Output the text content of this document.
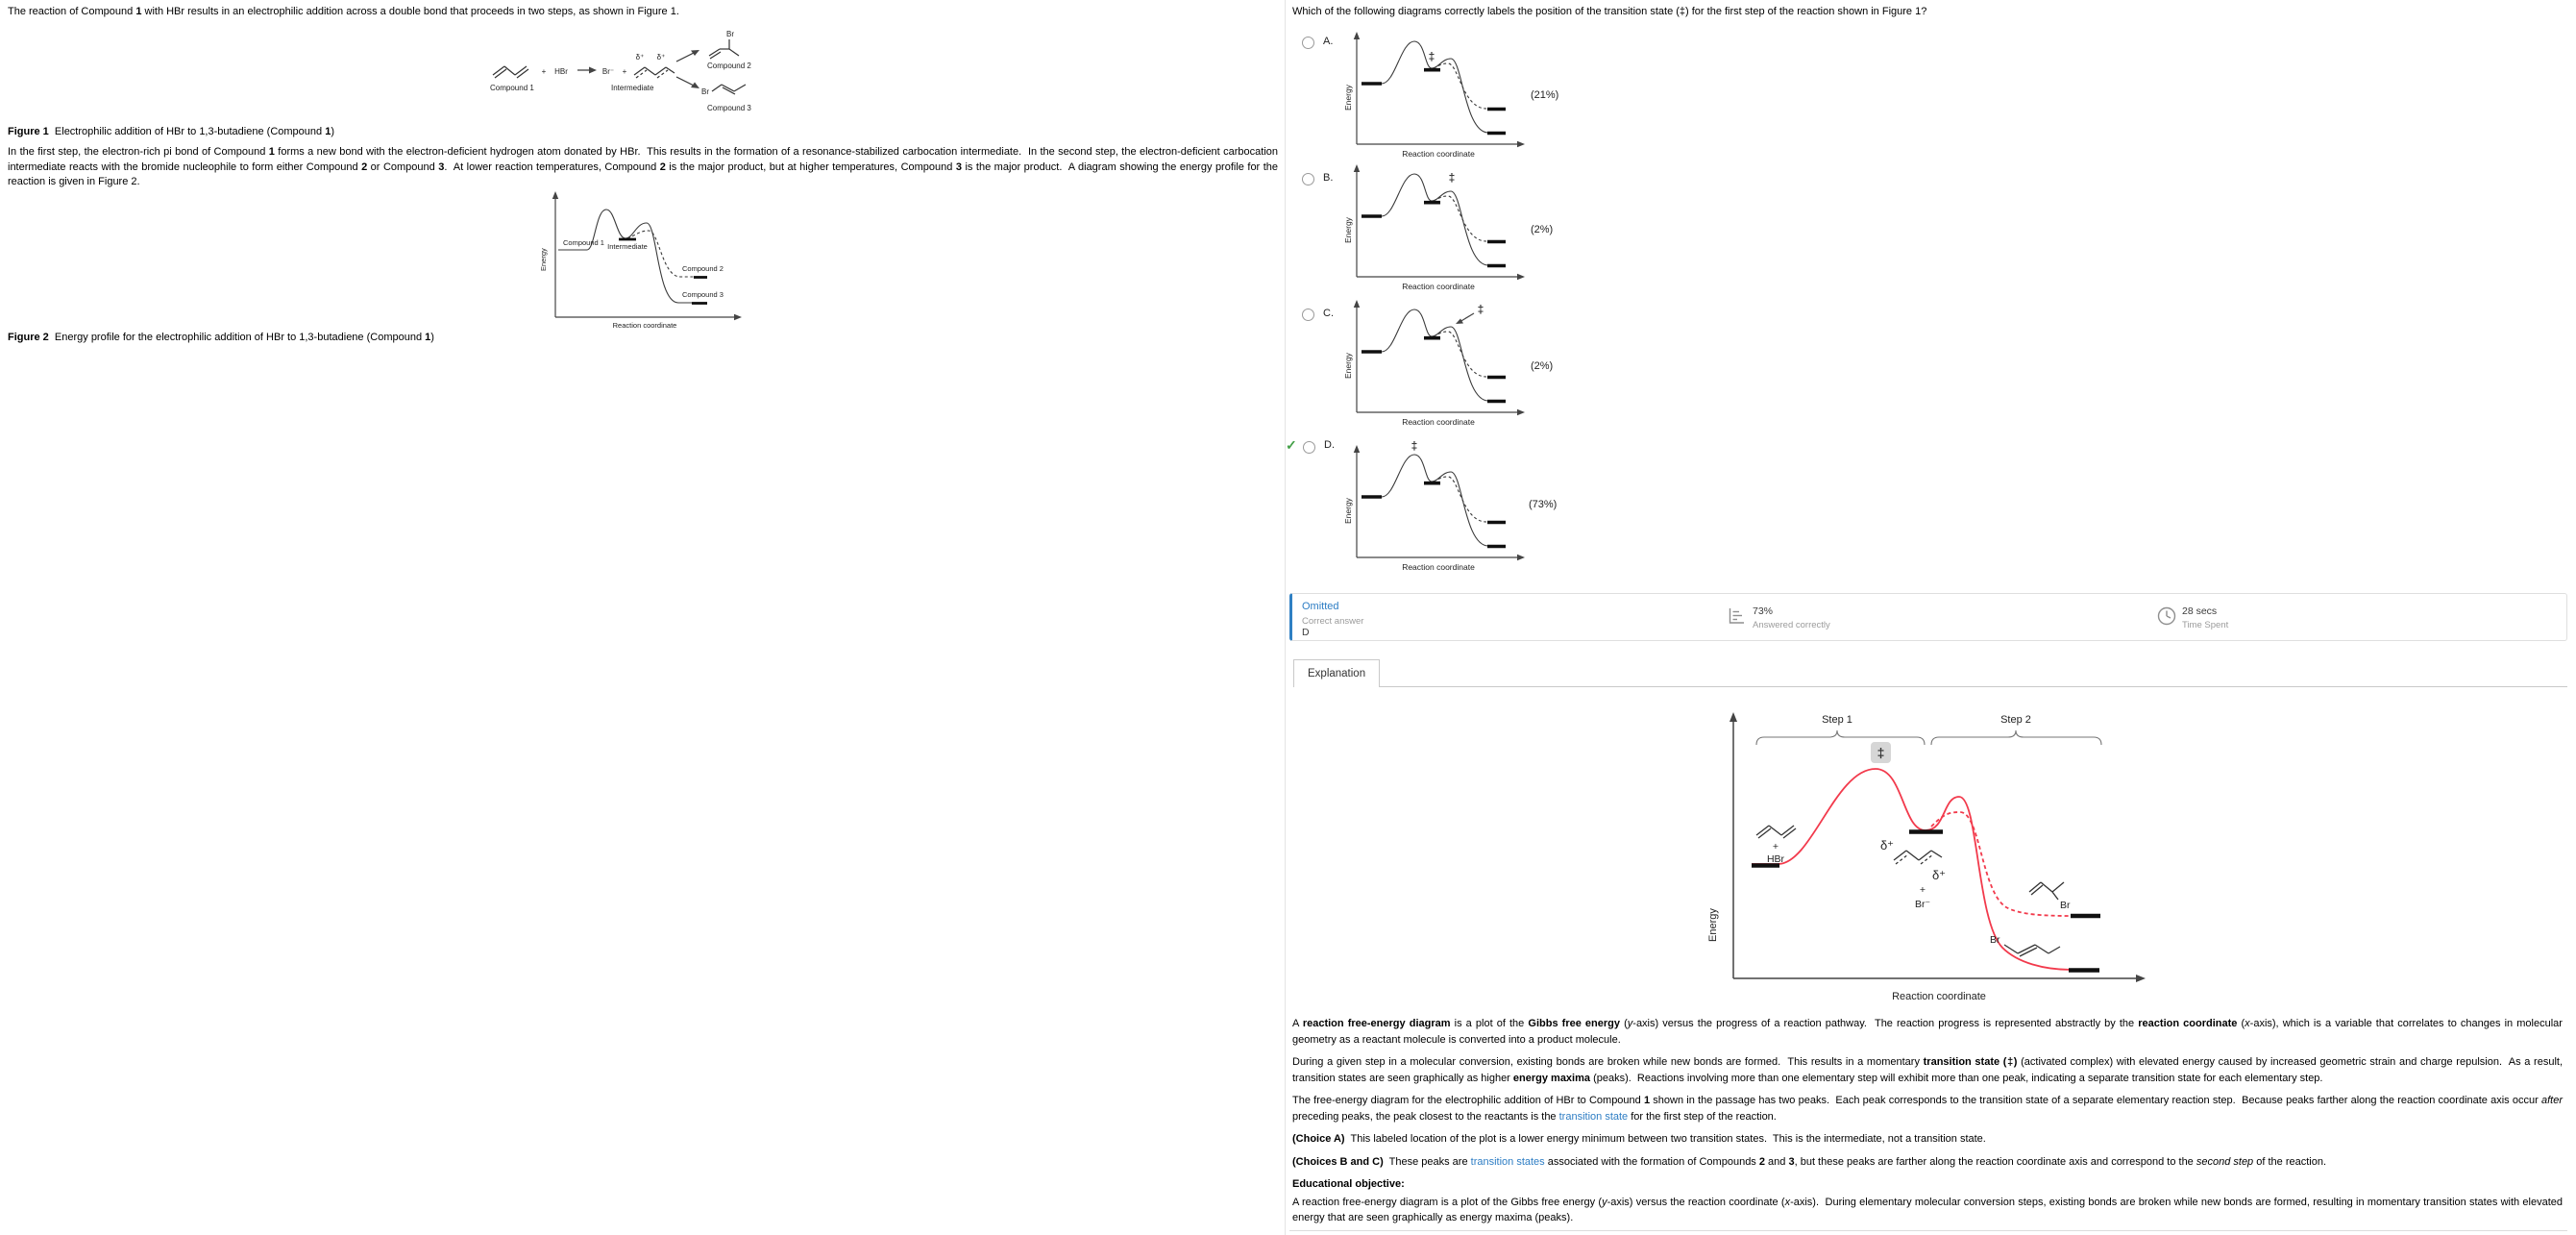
The reaction of Compound 1 with HBr results in an electrophilic addition across a double bond that proceeds in two steps, as shown in Figure 1.

Compound 1
+ HBr	Br⁻ +
δ⁺ δ⁺
Intermediate
Br
Compound 2
Br
Compound 3

Figure 1  Electrophilic addition of HBr to 1,3-butadiene (Compound 1)

In the first step, the electron-rich pi bond of Compound 1 forms a new bond with the electron-deficient hydrogen atom donated by HBr.  This results in the formation of a resonance-stabilized carbocation intermediate.  In the second step, the electron-deficient carbocation intermediate reacts with the bromide nucleophile to form either Compound 2 or Compound 3.  At lower reaction temperatures, Compound 2 is the major product, but at higher temperatures, Compound 3 is the major product.  A diagram showing the energy profile for the reaction is given in Figure 2.

Energy
Reaction coordinate
Compound 1 Intermediate
Compound 2
Compound 3

Figure 2  Energy profile for the electrophilic addition of HBr to 1,3-butadiene (Compound 1)

Which of the following diagrams correctly labels the position of the transition state (‡) for the first step of the reaction shown in Figure 1?

A.
Energy
Reaction coordinate
‡
(21%)
B.
Energy
Reaction coordinate
‡
(2%)
C.
Energy
Reaction coordinate
‡
(2%)
✓	D.
Energy
Reaction coordinate
‡
(73%)
Omitted
Correct answer
D
73%
Answered correctly
28 secs
Time Spent
Explanation
Energy
Reaction coordinate
Step 1	Step 2
‡
+
HBr
δ⁺
δ⁺
+
Br⁻	Br
Br

A reaction free-energy diagram is a plot of the Gibbs free energy (y-axis) versus the progress of a reaction pathway.  The reaction progress is represented abstractly by the reaction coordinate (x-axis), which is a variable that correlates to changes in molecular geometry as a reactant molecule is converted into a product molecule.

During a given step in a molecular conversion, existing bonds are broken while new bonds are formed.  This results in a momentary transition state (‡) (activated complex) with elevated energy caused by increased geometric strain and charge repulsion.  As a result, transition states are seen graphically as higher energy maxima (peaks).  Reactions involving more than one elementary step will exhibit more than one peak, indicating a separate transition state for each elementary step.

The free-energy diagram for the electrophilic addition of HBr to Compound 1 shown in the passage has two peaks.  Each peak corresponds to the transition state of a separate elementary reaction step.  Because peaks farther along the reaction coordinate axis occur after preceding peaks, the peak closest to the reactants is the transition state for the first step of the reaction.

(Choice A)  This labeled location of the plot is a lower energy minimum between two transition states.  This is the intermediate, not a transition state.

(Choices B and C)  These peaks are transition states associated with the formation of Compounds 2 and 3, but these peaks are farther along the reaction coordinate axis and correspond to the second step of the reaction.

Educational objective:

A reaction free-energy diagram is a plot of the Gibbs free energy (y-axis) versus the reaction coordinate (x-axis).  During elementary molecular conversion steps, existing bonds are broken while new bonds are formed, resulting in momentary transition states with elevated energy that are seen graphically as energy maxima (peaks).
